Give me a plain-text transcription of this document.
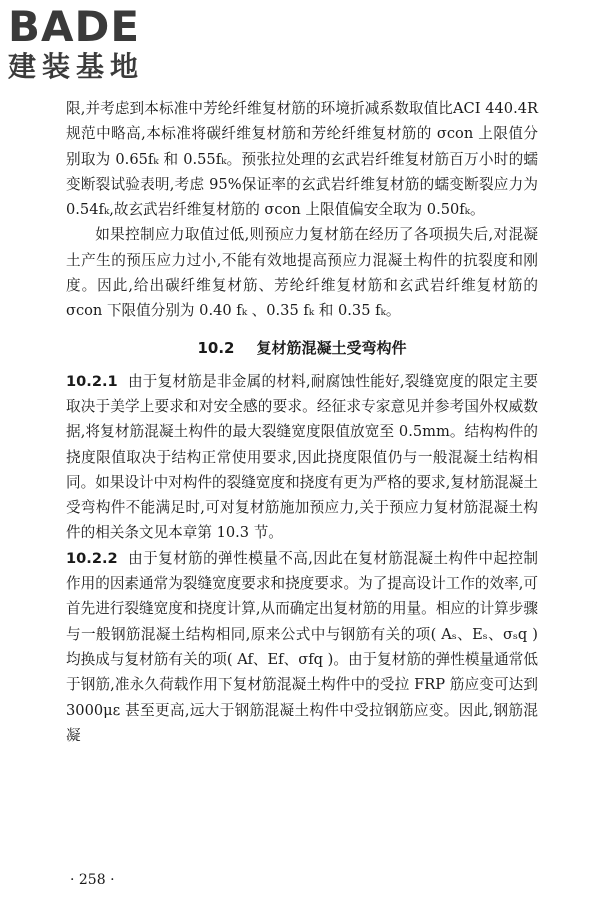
BADE
建装基地

限,并考虑到本标准中芳纶纤维复材筋的环境折减系数取值比ACI 440.4R规范中略高,本标准将碳纤维复材筋和芳纶纤维复材筋的 σcon 上限值分别取为 0.65fₖ 和 0.55fₖ。预张拉处理的玄武岩纤维复材筋百万小时的蠕变断裂试验表明,考虑 95%保证率的玄武岩纤维复材筋的蠕变断裂应力为 0.54fₖ,故玄武岩纤维复材筋的 σcon 上限值偏安全取为 0.50fₖ。

如果控制应力取值过低,则预应力复材筋在经历了各项损失后,对混凝土产生的预压应力过小,不能有效地提高预应力混凝土构件的抗裂度和刚度。因此,给出碳纤维复材筋、芳纶纤维复材筋和玄武岩纤维复材筋的 σcon 下限值分别为 0.40 fₖ 、0.35 fₖ 和 0.35 fₖ。

10.2 复材筋混凝土受弯构件

10.2.1 由于复材筋是非金属的材料,耐腐蚀性能好,裂缝宽度的限定主要取决于美学上要求和对安全感的要求。经征求专家意见并参考国外权威数据,将复材筋混凝土构件的最大裂缝宽度限值放宽至 0.5mm。结构构件的挠度限值取决于结构正常使用要求,因此挠度限值仍与一般混凝土结构相同。如果设计中对构件的裂缝宽度和挠度有更为严格的要求,复材筋混凝土受弯构件不能满足时,可对复材筋施加预应力,关于预应力复材筋混凝土构件的相关条文见本章第 10.3 节。

10.2.2 由于复材筋的弹性模量不高,因此在复材筋混凝土构件中起控制作用的因素通常为裂缝宽度要求和挠度要求。为了提高设计工作的效率,可首先进行裂缝宽度和挠度计算,从而确定出复材筋的用量。相应的计算步骤与一般钢筋混凝土结构相同,原来公式中与钢筋有关的项( Aₛ、Eₛ、σₛq )均换成与复材筋有关的项( Af、Ef、σfq )。由于复材筋的弹性模量通常低于钢筋,准永久荷载作用下复材筋混凝土构件中的受拉 FRP 筋应变可达到 3000με 甚至更高,远大于钢筋混凝土构件中受拉钢筋应变。因此,钢筋混凝

· 258 ·
